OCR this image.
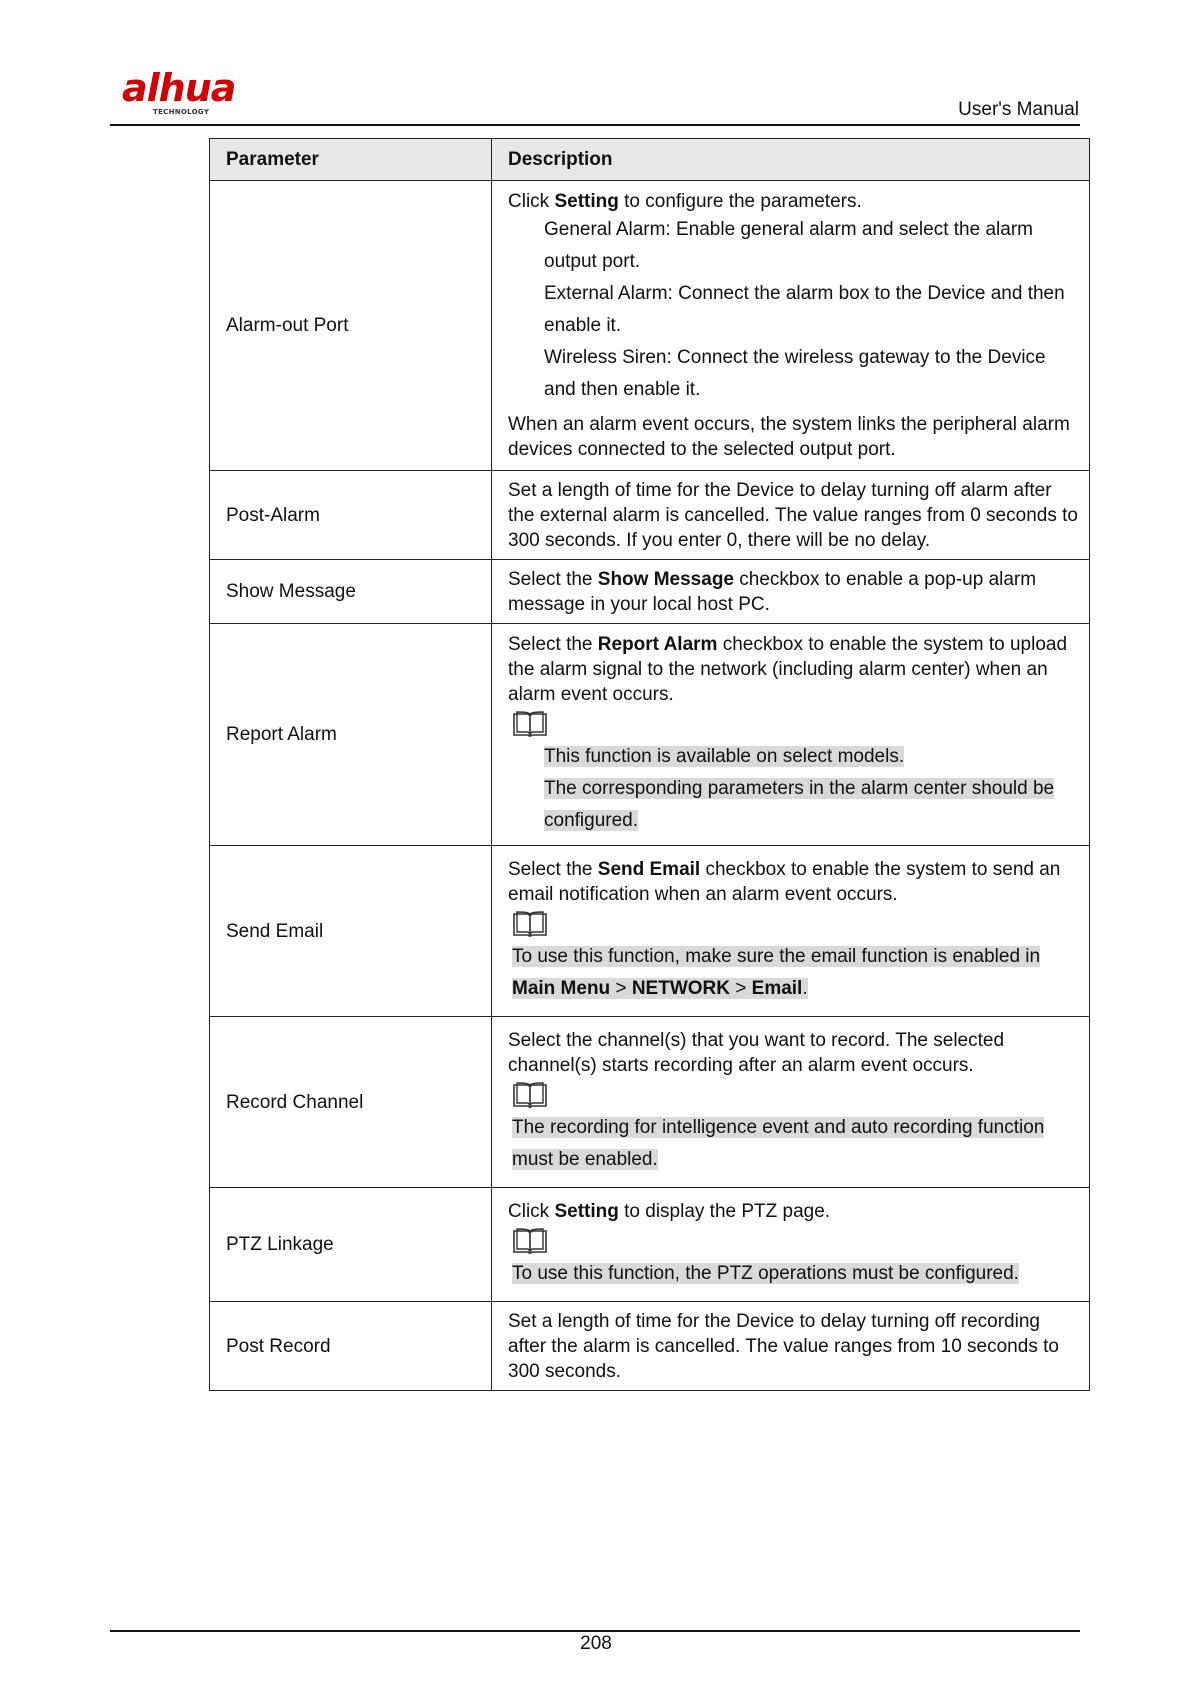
alhua
TECHNOLOGY	User's Manual
Parameter	Description
Alarm-out Port	Click Setting to configure the parameters.

General Alarm: Enable general alarm and select the alarm output port.

External Alarm: Connect the alarm box to the Device and then enable it.

Wireless Siren: Connect the wireless gateway to the Device and then enable it.

When an alarm event occurs, the system links the peripheral alarm devices connected to the selected output port.

Post-Alarm	Set a length of time for the Device to delay turning off alarm after the external alarm is cancelled. The value ranges from 0 seconds to 300 seconds. If you enter 0, there will be no delay.

Show Message	Select the Show Message checkbox to enable a pop-up alarm message in your local host PC.

Report Alarm	Select the Report Alarm checkbox to enable the system to upload the alarm signal to the network (including alarm center) when an alarm event occurs.

This function is available on select models.

The corresponding parameters in the alarm center should be configured.

Send Email	Select the Send Email checkbox to enable the system to send an email notification when an alarm event occurs.

To use this function, make sure the email function is enabled in Main Menu > NETWORK > Email.

Record Channel	Select the channel(s) that you want to record. The selected channel(s) starts recording after an alarm event occurs.

The recording for intelligence event and auto recording function must be enabled.

PTZ Linkage	Click Setting to display the PTZ page.

To use this function, the PTZ operations must be configured.

Post Record	Set a length of time for the Device to delay turning off recording after the alarm is cancelled. The value ranges from 10 seconds to 300 seconds.

208
